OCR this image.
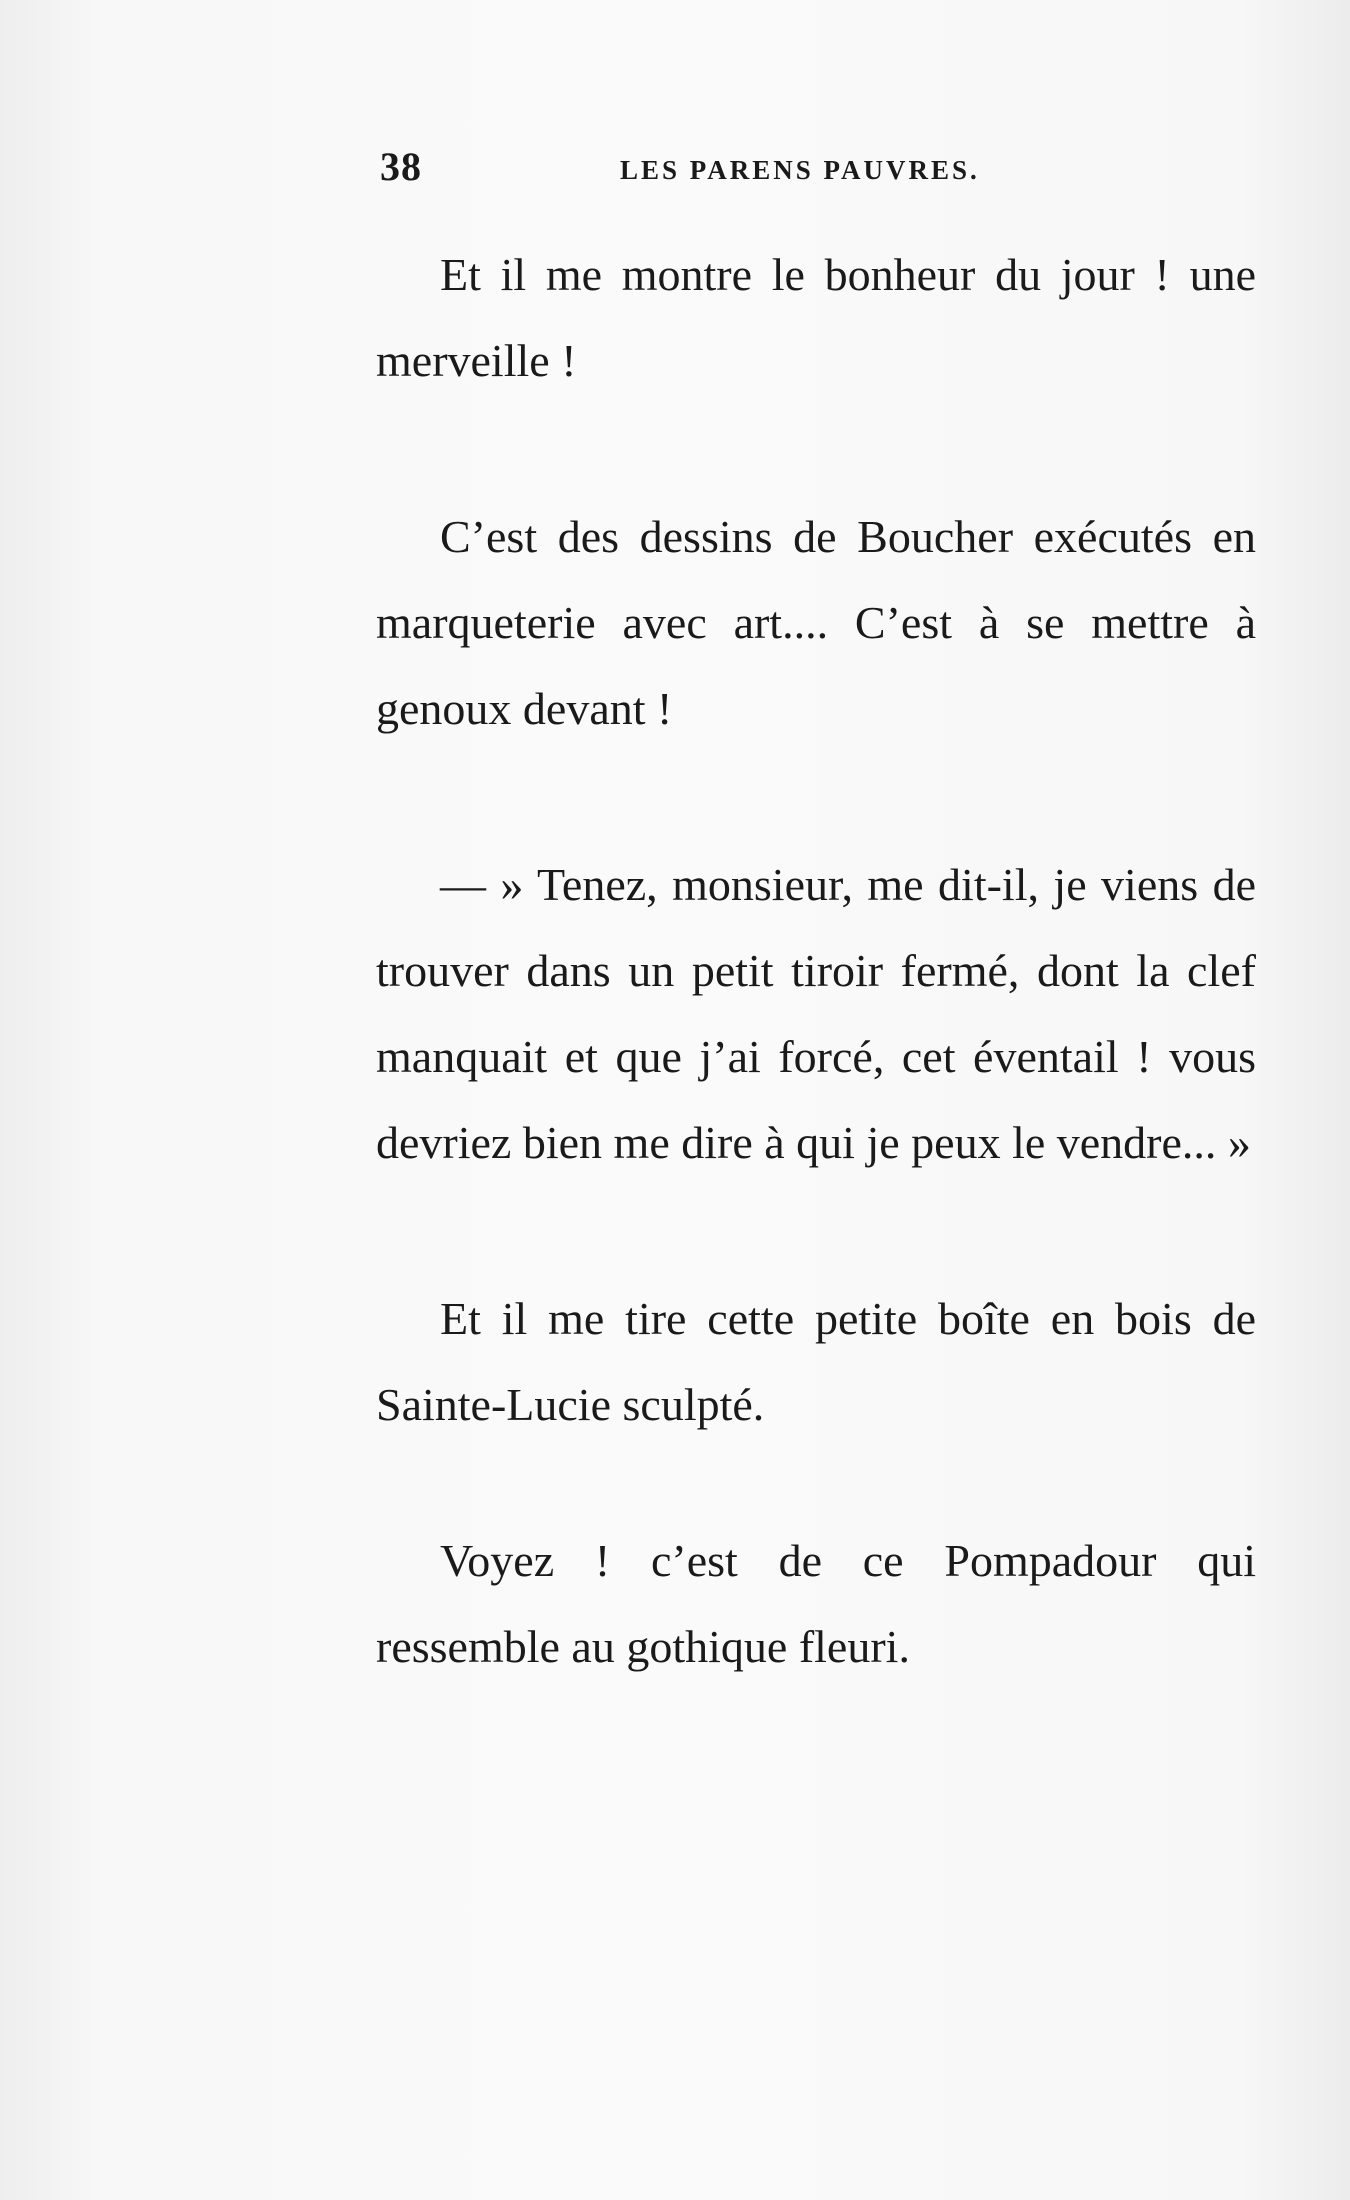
38	LES PARENS PAUVRES.

Et il me montre le bonheur du jour ! une merveille !

C’est des dessins de Boucher exécutés en marqueterie avec art.... C’est à se mettre à genoux devant !

— » Tenez, monsieur, me dit-il, je viens de trouver dans un petit tiroir fermé, dont la clef manquait et que j’ai forcé, cet éventail ! vous devriez bien me dire à qui je peux le vendre... »

Et il me tire cette petite boîte en bois de Sainte-Lucie sculpté.

Voyez ! c’est de ce Pompadour qui ressemble au gothique fleuri.
